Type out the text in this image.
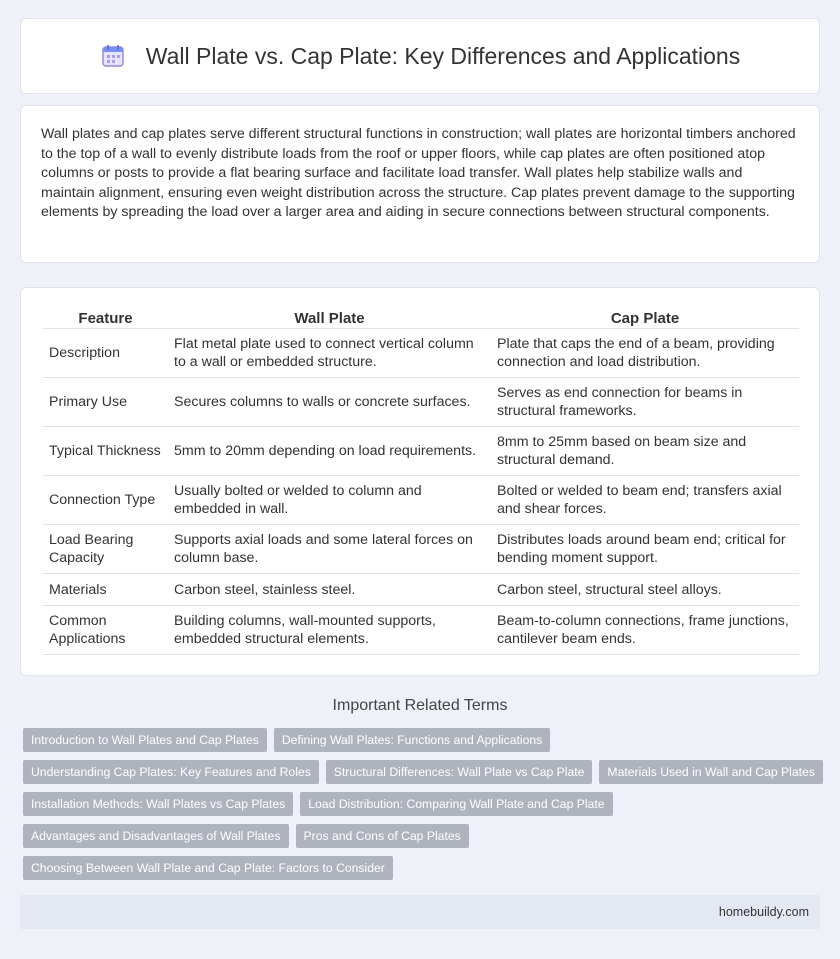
Wall Plate vs. Cap Plate: Key Differences and Applications

Wall plates and cap plates serve different structural functions in construction; wall plates are horizontal timbers anchored to the top of a wall to evenly distribute loads from the roof or upper floors, while cap plates are often positioned atop columns or posts to provide a flat bearing surface and facilitate load transfer. Wall plates help stabilize walls and maintain alignment, ensuring even weight distribution across the structure. Cap plates prevent damage to the supporting elements by spreading the load over a larger area and aiding in secure connections between structural components.

Feature	Wall Plate	Cap Plate
Description	Flat metal plate used to connect vertical column to a wall or embedded structure.	Plate that caps the end of a beam, providing connection and load distribution.
Primary Use	Secures columns to walls or concrete surfaces.	Serves as end connection for beams in structural frameworks.
Typical Thickness	5mm to 20mm depending on load requirements.	8mm to 25mm based on beam size and structural demand.
Connection Type	Usually bolted or welded to column and embedded in wall.	Bolted or welded to beam end; transfers axial and shear forces.
Load Bearing Capacity	Supports axial loads and some lateral forces on column base.	Distributes loads around beam end; critical for bending moment support.
Materials	Carbon steel, stainless steel.	Carbon steel, structural steel alloys.
Common Applications	Building columns, wall-mounted supports, embedded structural elements.	Beam-to-column connections, frame junctions, cantilever beam ends.
Important Related Terms
Introduction to Wall Plates and Cap Plates	Defining Wall Plates: Functions and Applications
Understanding Cap Plates: Key Features and Roles	Structural Differences: Wall Plate vs Cap Plate	Materials Used in Wall and Cap Plates
Installation Methods: Wall Plates vs Cap Plates	Load Distribution: Comparing Wall Plate and Cap Plate
Advantages and Disadvantages of Wall Plates	Pros and Cons of Cap Plates
Choosing Between Wall Plate and Cap Plate: Factors to Consider
homebuildy.com
